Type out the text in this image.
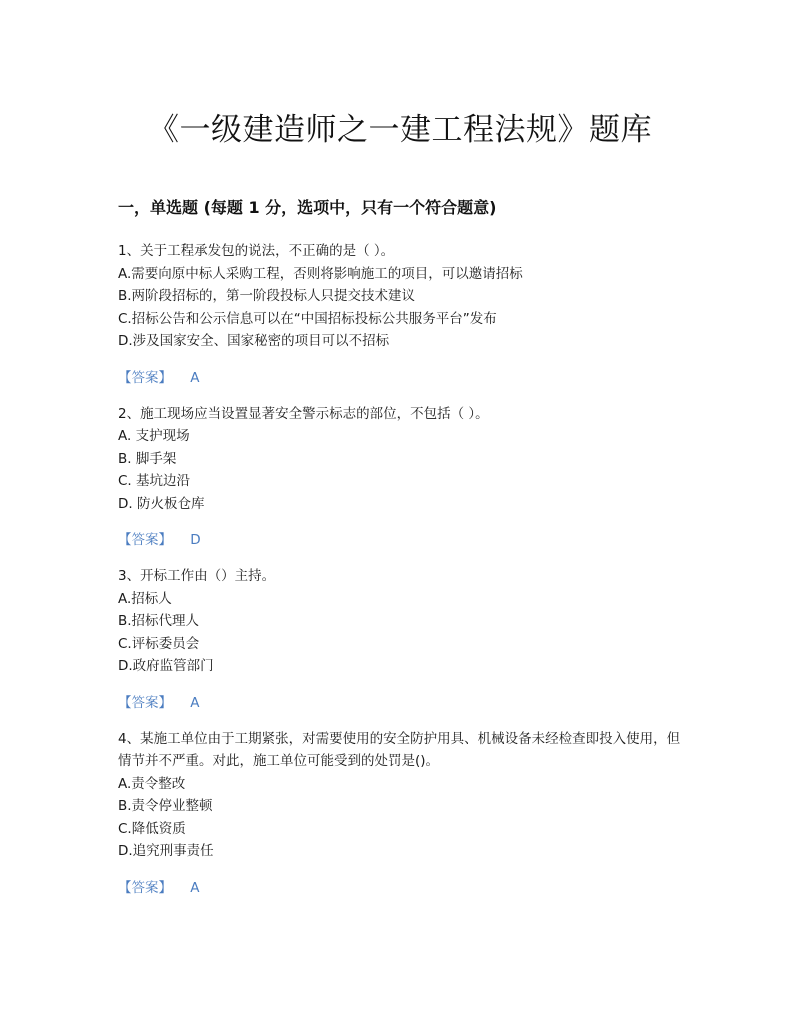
《一级建造师之一建工程法规》题库
一，单选题 (每题 1 分，选项中，只有一个符合题意)
1、关于工程承发包的说法，不正确的是（ ）。
A.需要向原中标人采购工程，否则将影响施工的项目，可以邀请招标
B.两阶段招标的，第一阶段投标人只提交技术建议
C.招标公告和公示信息可以在“中国招标投标公共服务平台”发布
D.涉及国家安全、国家秘密的项目可以不招标
【答案】 A
2、施工现场应当设置显著安全警示标志的部位，不包括（ ）。
A. 支护现场
B. 脚手架
C. 基坑边沿
D. 防火板仓库
【答案】 D
3、开标工作由（）主持。
A.招标人
B.招标代理人
C.评标委员会
D.政府监管部门
【答案】 A
4、某施工单位由于工期紧张，对需要使用的安全防护用具、机械设备未经检查即投入使用，但情节并不严重。对此，施工单位可能受到的处罚是()。
A.责令整改
B.责令停业整顿
C.降低资质
D.追究刑事责任
【答案】 A
